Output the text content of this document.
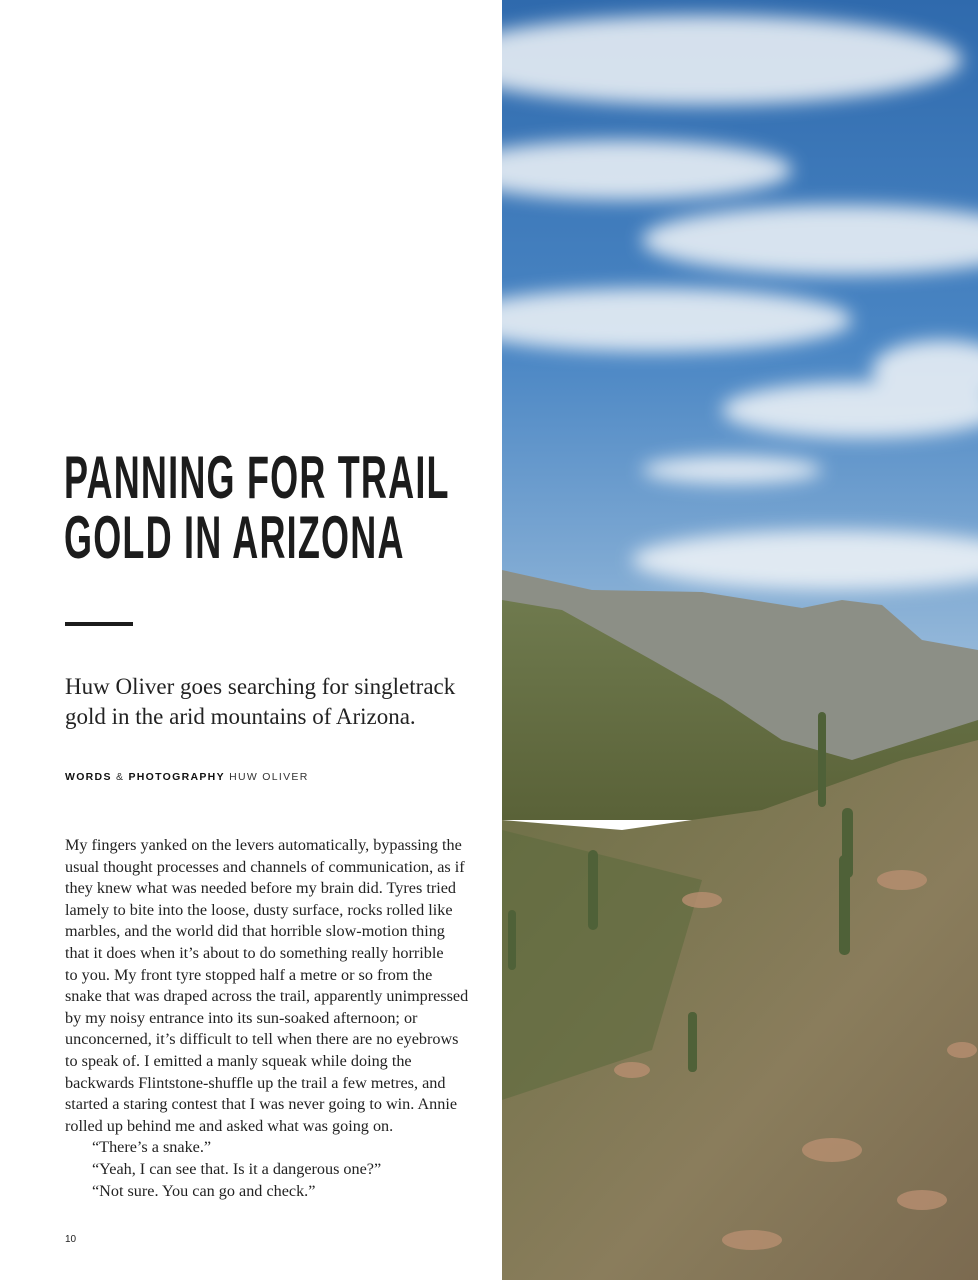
PANNING FOR TRAIL
GOLD IN ARIZONA
Huw Oliver goes searching for singletrack
gold in the arid mountains of Arizona.
WORDS & PHOTOGRAPHY HUW OLIVER
My fingers yanked on the levers automatically, bypassing the
usual thought processes and channels of communication, as if
they knew what was needed before my brain did. Tyres tried
lamely to bite into the loose, dusty surface, rocks rolled like
marbles, and the world did that horrible slow-motion thing
that it does when it’s about to do something really horrible
to you. My front tyre stopped half a metre or so from the
snake that was draped across the trail, apparently unimpressed
by my noisy entrance into its sun-soaked afternoon; or
unconcerned, it’s difficult to tell when there are no eyebrows
to speak of. I emitted a manly squeak while doing the
backwards Flintstone-shuffle up the trail a few metres, and
started a staring contest that I was never going to win. Annie
rolled up behind me and asked what was going on.
“There’s a snake.”
“Yeah, I can see that. Is it a dangerous one?”
“Not sure. You can go and check.”
10
